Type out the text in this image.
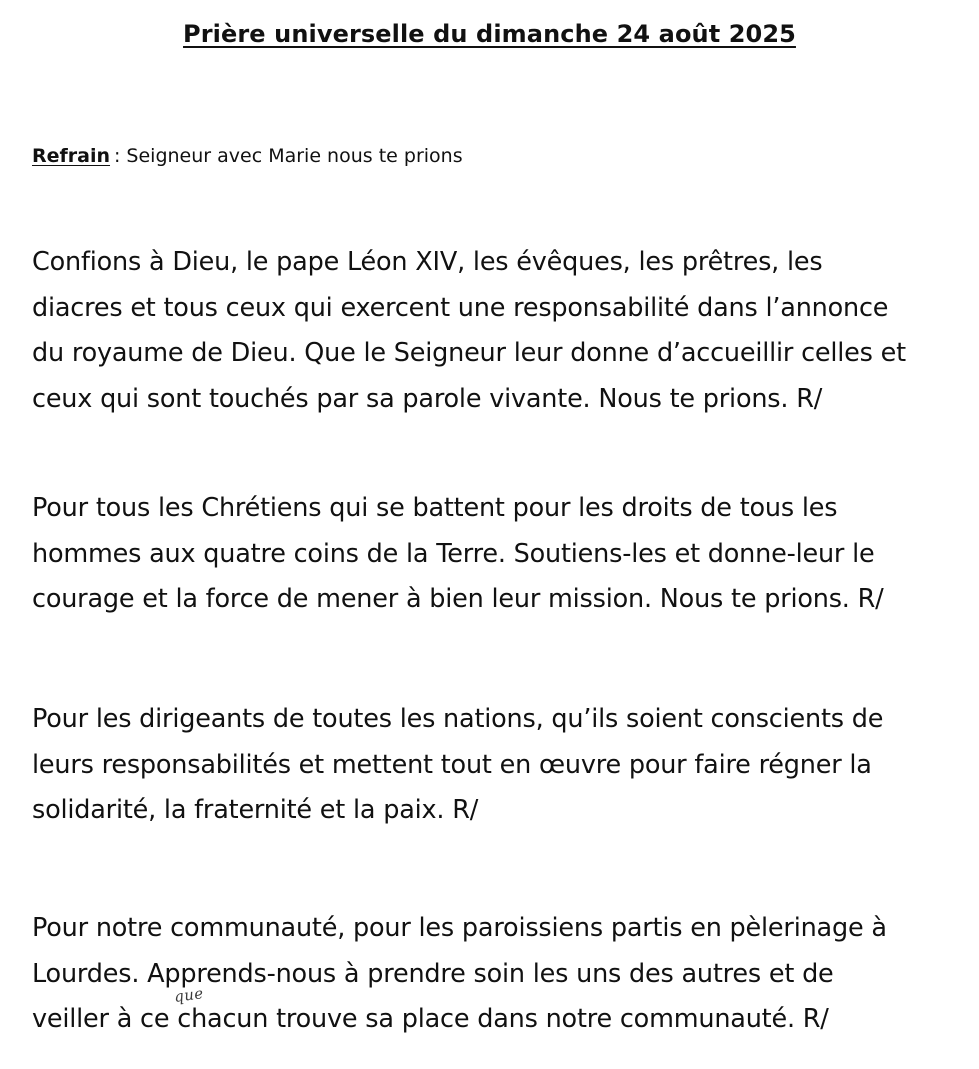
Prière universelle du dimanche 24 août 2025
Refrain : Seigneur avec Marie nous te prions
Confions à Dieu, le pape Léon XIV, les évêques, les prêtres, les
diacres et tous ceux qui exercent une responsabilité dans l’annonce
du royaume de Dieu. Que le Seigneur leur donne d’accueillir celles et
ceux qui sont touchés par sa parole vivante. Nous te prions. R/
Pour tous les Chrétiens qui se battent pour les droits de tous les
hommes aux quatre coins de la Terre. Soutiens-les et donne-leur le
courage et la force de mener à bien leur mission. Nous te prions. R/
Pour les dirigeants de toutes les nations, qu’ils soient conscients de
leurs responsabilités et mettent tout en œuvre pour faire régner la
solidarité, la fraternité et la paix. R/
Pour notre communauté, pour les paroissiens partis en pèlerinage à
Lourdes. Apprends-nous à prendre soin les uns des autres et de
veiller à ce chacun trouve sa place dans notre communauté. R/
que
